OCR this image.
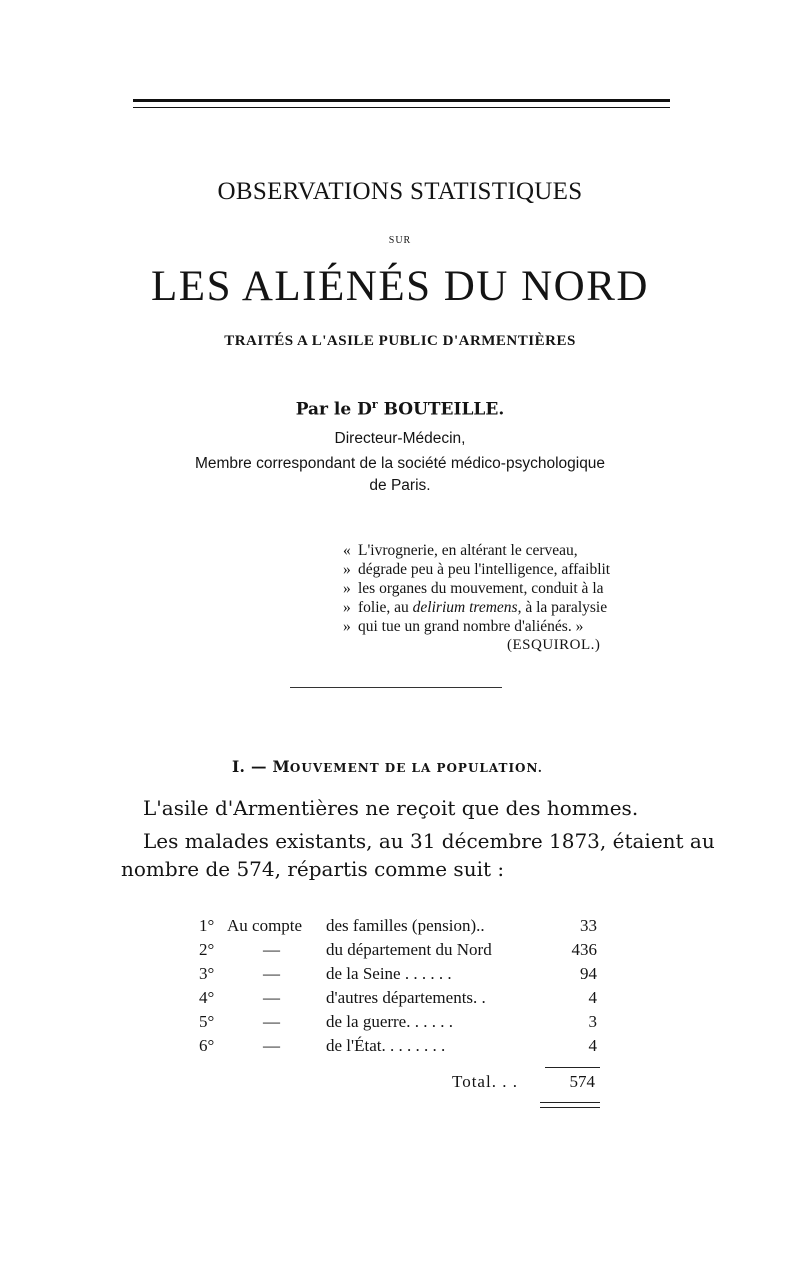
OBSERVATIONS STATISTIQUES
SUR
LES ALIÉNÉS DU NORD
TRAITÉS A L'ASILE PUBLIC D'ARMENTIÈRES
Par le $D^r$ BOUTEILLE.
Directeur-Médecin,
Membre correspondant de la société médico-psychologique
de Paris.
« L'ivrognerie, en altérant le cerveau,
» dégrade peu à peu l'intelligence, affaiblit
» les organes du mouvement, conduit à la
» folie, au delirium tremens, à la paralysie
» qui tue un grand nombre d'aliénés. »
(ESQUIROL.)
I. — MOUVEMENT DE LA POPULATION.
L'asile d'Armentières ne reçoit que des hommes.
Les malades existants, au 31 décembre 1873, étaient au
nombre de 574, répartis comme suit :
1° Au compte des familles (pension)..	33
2°	—	du département du Nord	436
3°	—	de la Seine . . . . . .	94
4°	—	d'autres départements. .	4
5°	—	de la guerre. . . . . .	3
6°	—	de l'État. . . . . . . .	4
Total. . .	574
